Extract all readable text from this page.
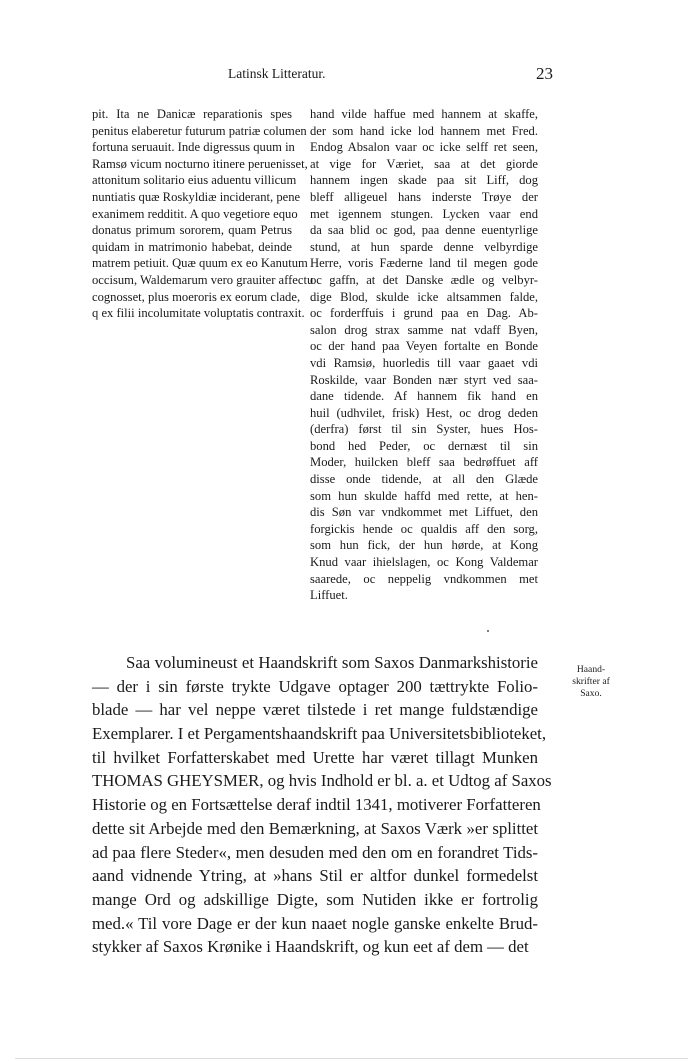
Latinsk Litteratur.	23
pit. Ita ne Danicæ reparationis spes
penitus elaberetur futurum patriæ columen
fortuna seruauit. Inde digressus quum in
Ramsø vicum nocturno itinere peruenisset,
attonitum solitario eius aduentu villicum
nuntiatis quæ Roskyldiæ inciderant, pene
exanimem redditit. A quo vegetiore equo
donatus primum sororem, quam Petrus
quidam in matrimonio habebat, deinde
matrem petiuit. Quæ quum ex eo Kanutum
occisum, Waldemarum vero grauiter affectu
cognosset, plus moeroris ex eorum clade,
q ex filii incolumitate voluptatis contraxit.
hand vilde haffue med hannem at skaffe,
der som hand icke lod hannem met Fred.
Endog Absalon vaar oc icke selff ret seen,
at vige for Væriet, saa at det giorde
hannem ingen skade paa sit Liff, dog
bleff alligeuel hans inderste Trøye der
met igennem stungen. Lycken vaar end
da saa blid oc god, paa denne euentyrlige
stund, at hun sparde denne velbyrdige
Herre, voris Fæderne land til megen gode
oc gaffn, at det Danske ædle og velbyr-
dige Blod, skulde icke altsammen falde,
oc forderffuis i grund paa en Dag. Ab-
salon drog strax samme nat vdaff Byen,
oc der hand paa Veyen fortalte en Bonde
vdi Ramsiø, huorledis till vaar gaaet vdi
Roskilde, vaar Bonden nær styrt ved saa-
dane tidende. Af hannem fik hand en
huil (udhvilet, frisk) Hest, oc drog deden
(derfra) først til sin Syster, hues Hos-
bond hed Peder, oc dernæst til sin
Moder, huilcken bleff saa bedrøffuet aff
disse onde tidende, at all den Glæde
som hun skulde haffd med rette, at hen-
dis Søn var vndkommet met Liffuet, den
forgickis hende oc qualdis aff den sorg,
som hun fick, der hun hørde, at Kong
Knud vaar ihielslagen, oc Kong Valdemar
saarede, oc neppelig vndkommen met
Liffuet.
Saa volumineust et Haandskrift som Saxos Danmarkshistorie
— der i sin første trykte Udgave optager 200 tættrykte Folio-
blade — har vel neppe været tilstede i ret mange fuldstændige
Exemplarer. I et Pergamentshaandskrift paa Universitetsbiblioteket,
til hvilket Forfatterskabet med Urette har været tillagt Munken
THOMAS GHEYSMER, og hvis Indhold er bl. a. et Udtog af Saxos
Historie og en Fortsættelse deraf indtil 1341, motiverer Forfatteren
dette sit Arbejde med den Bemærkning, at Saxos Værk »er splittet
ad paa flere Steder«, men desuden med den om en forandret Tids-
aand vidnende Ytring, at »hans Stil er altfor dunkel formedelst
mange Ord og adskillige Digte, som Nutiden ikke er fortrolig
med.« Til vore Dage er der kun naaet nogle ganske enkelte Brud-
stykker af Saxos Krønike i Haandskrift, og kun eet af dem — det
Haand-
skrifter af
Saxo.
